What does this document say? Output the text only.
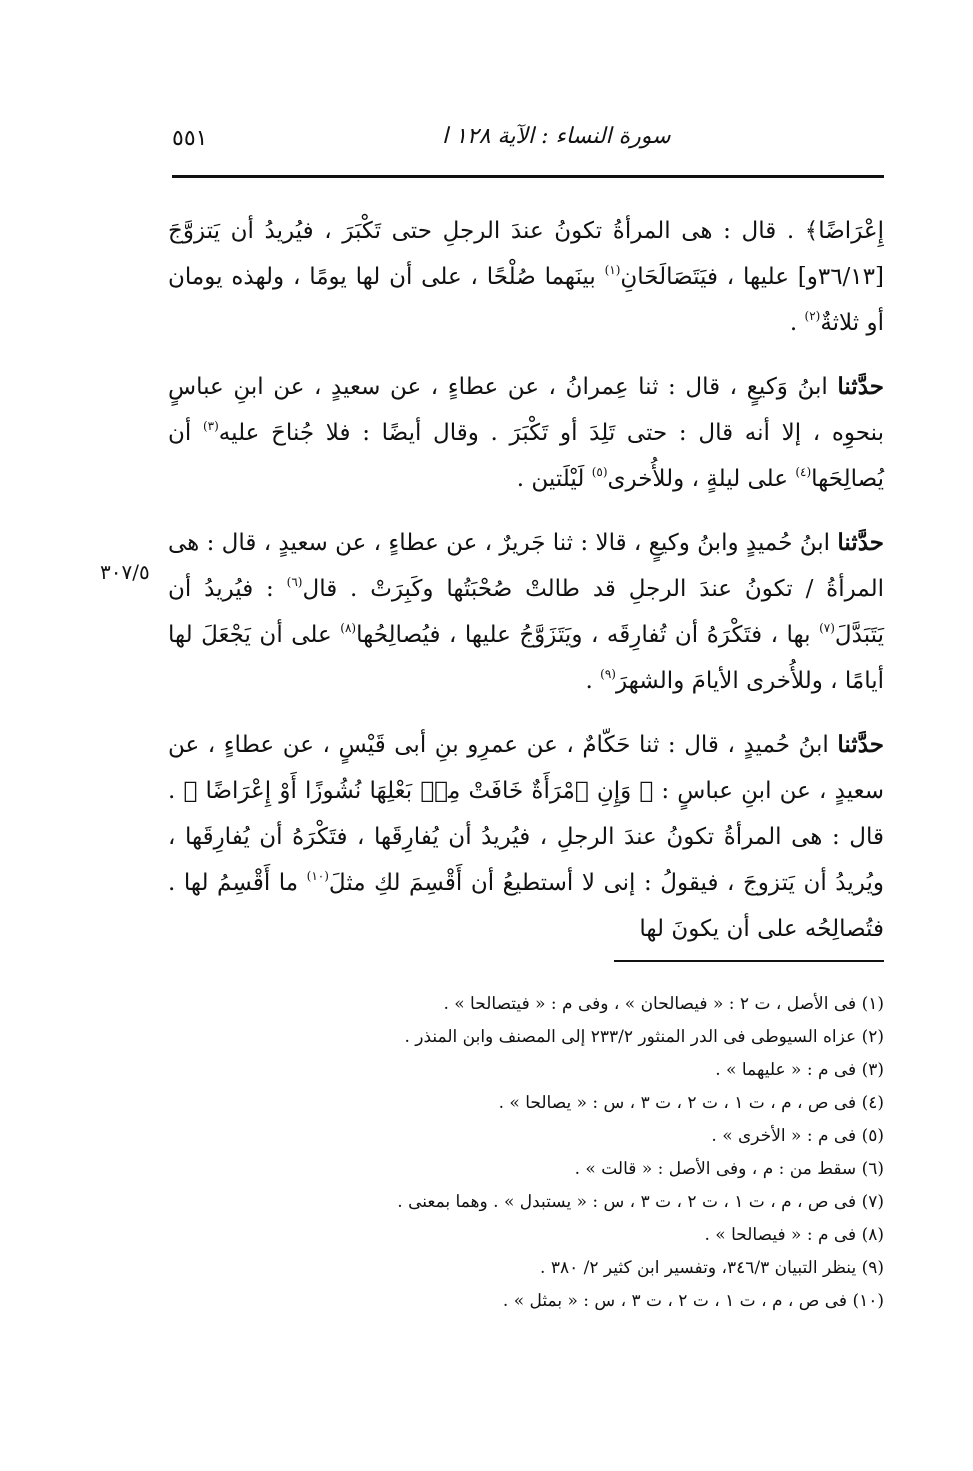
٥٥١	سورة النساء : الآية ١٢٨ ا
٣٠٧/٥

إِعْرَاضًا﴾ . قال : هى المرأةُ تكونُ عندَ الرجلِ حتى تَكْبَرَ ، فيُريدُ أن يَتزوَّجَ [٣٦/١٣و] عليها ، فيَتَصَالَحَانِ$^{(١)}$ بينَهما صُلْحًا ، على أن لها يومًا ، ولهذه يومان أو ثلاثةٌ$^{(٢)}$ .

حدَّثنا ابنُ وَكيعٍ ، قال : ثنا عِمرانُ ، عن عطاءٍ ، عن سعيدٍ ، عن ابنِ عباسٍ بنحوِه ، إلا أنه قال : حتى تَلِدَ أو تَكْبَرَ . وقال أيضًا : فلا جُناحَ عليه$^{(٣)}$ أن يُصالِحَها$^{(٤)}$ على ليلةٍ ، وللأُخرى$^{(٥)}$ لَيْلَتين .

حدَّثنا ابنُ حُميدٍ وابنُ وكيعٍ ، قالا : ثنا جَريرٌ ، عن عطاءٍ ، عن سعيدٍ ، قال : هى المرأةُ / تكونُ عندَ الرجلِ قد طالتْ صُحْبَتُها وكَبِرَتْ . قال$^{(٦)}$ : فيُريدُ أن يَتَبَدَّلَ$^{(٧)}$ بها ، فتَكْرَهُ أن تُفارِقَه ، ويَتَزَوَّجُ عليها ، فيُصالِحُها$^{(٨)}$ على أن يَجْعَلَ لها أيامًا ، وللأُخرى الأيامَ والشهرَ$^{(٩)}$ .

حدَّثنا ابنُ حُميدٍ ، قال : ثنا حَكّامٌ ، عن عمرِو بنِ أبى قَيْسٍ ، عن عطاءٍ ، عن سعيدٍ ، عن ابنِ عباسٍ : ﴿ وَإِنِ ٱمْرَأَةٌ خَافَتْ مِنۢ بَعْلِهَا نُشُوزًا أَوْ إِعْرَاضًا ﴾ . قال : هى المرأةُ تكونُ عندَ الرجلِ ، فيُريدُ أن يُفارِقَها ، فتَكْرَهُ أن يُفارِقَها ، ويُريدُ أن يَتزوجَ ، فيقولُ : إنى لا أستطيعُ أن أَقْسِمَ لكِ مثلَ$^{(١٠)}$ ما أَقْسِمُ لها . فتُصالِحُه على أن يكونَ لها

(١) فى الأصل ، ت ٢ : « فيصالحان » ، وفى م : « فيتصالحا » .
(٢) عزاه السيوطى فى الدر المنثور ٢٣٣/٢ إلى المصنف وابن المنذر .
(٣) فى م : « عليهما » .
(٤) فى ص ، م ، ت ١ ، ت ٢ ، ت ٣ ، س : « يصالحا » .
(٥) فى م : « الأخرى » .
(٦) سقط من : م ، وفى الأصل : « قالت » .
(٧) فى ص ، م ، ت ١ ، ت ٢ ، ت ٣ ، س : « يستبدل » . وهما بمعنى .
(٨) فى م : « فيصالحا » .
(٩) ينظر التبيان ٣٤٦/٣، وتفسير ابن كثير ٢/ ٣٨٠ .
(١٠) فى ص ، م ، ت ١ ، ت ٢ ، ت ٣ ، س : « بمثل » .
